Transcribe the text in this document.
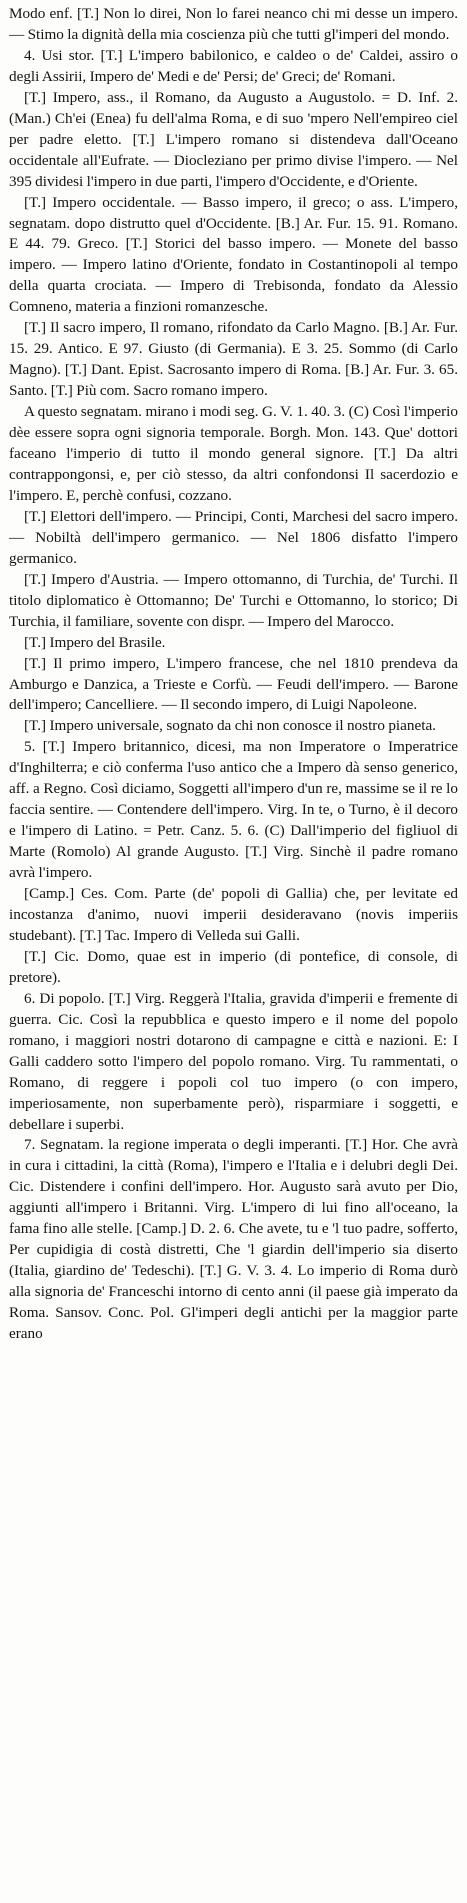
Modo enf. [T.] Non lo direi, Non lo farei neanco chi mi desse un impero. — Stimo la dignità della mia coscienza più che tutti gl'imperi del mondo.

4. Usi stor. [T.] L'impero babilonico, e caldeo o de' Caldei, assiro o degli Assirii, Impero de' Medi e de' Persi; de' Greci; de' Romani.

[T.] Impero, ass., il Romano, da Augusto a Augustolo. = D. Inf. 2. (Man.) Ch'ei (Enea) fu dell'alma Roma, e di suo 'mpero Nell'empireo ciel per padre eletto. [T.] L'impero romano si distendeva dall'Oceano occidentale all'Eufrate. — Diocleziano per primo divise l'impero. — Nel 395 dividesi l'impero in due parti, l'impero d'Occidente, e d'Oriente.

[T.] Impero occidentale. — Basso impero, il greco; o ass. L'impero, segnatam. dopo distrutto quel d'Occidente. [B.] Ar. Fur. 15. 91. Romano. E 44. 79. Greco. [T.] Storici del basso impero. — Monete del basso impero. — Impero latino d'Oriente, fondato in Costantinopoli al tempo della quarta crociata. — Impero di Trebisonda, fondato da Alessio Comneno, materia a finzioni romanzesche.

[T.] Il sacro impero, Il romano, rifondato da Carlo Magno. [B.] Ar. Fur. 15. 29. Antico. E 97. Giusto (di Germania). E 3. 25. Sommo (di Carlo Magno). [T.] Dant. Epist. Sacrosanto impero di Roma. [B.] Ar. Fur. 3. 65. Santo. [T.] Più com. Sacro romano impero.

A questo segnatam. mirano i modi seg. G. V. 1. 40. 3. (C) Così l'imperio dèe essere sopra ogni signoria temporale. Borgh. Mon. 143. Que' dottori faceano l'imperio di tutto il mondo general signore. [T.] Da altri contrappongonsi, e, per ciò stesso, da altri confondonsi Il sacerdozio e l'impero. E, perchè confusi, cozzano.

[T.] Elettori dell'impero. — Principi, Conti, Marchesi del sacro impero. — Nobiltà dell'impero germanico. — Nel 1806 disfatto l'impero germanico.

[T.] Impero d'Austria. — Impero ottomanno, di Turchia, de' Turchi. Il titolo diplomatico è Ottomanno; De' Turchi e Ottomanno, lo storico; Di Turchia, il familiare, sovente con dispr. — Impero del Marocco.

[T.] Impero del Brasile.

[T.] Il primo impero, L'impero francese, che nel 1810 prendeva da Amburgo e Danzica, a Trieste e Corfù. — Feudi dell'impero. — Barone dell'impero; Cancelliere. — Il secondo impero, di Luigi Napoleone.

[T.] Impero universale, sognato da chi non conosce il nostro pianeta.

5. [T.] Impero britannico, dicesi, ma non Imperatore o Imperatrice d'Inghilterra; e ciò conferma l'uso antico che a Impero dà senso generico, aff. a Regno. Così diciamo, Soggetti all'impero d'un re, massime se il re lo faccia sentire. — Contendere dell'impero. Virg. In te, o Turno, è il decoro e l'impero di Latino. = Petr. Canz. 5. 6. (C) Dall'imperio del figliuol di Marte (Romolo) Al grande Augusto. [T.] Virg. Sinchè il padre romano avrà l'impero.

[Camp.] Ces. Com. Parte (de' popoli di Gallia) che, per levitate ed incostanza d'animo, nuovi imperii desideravano (novis imperiis studebant). [T.] Tac. Impero di Velleda sui Galli.

[T.] Cic. Domo, quae est in imperio (di pontefice, di console, di pretore).

6. Di popolo. [T.] Virg. Reggerà l'Italia, gravida d'imperii e fremente di guerra. Cic. Così la repubblica e questo impero e il nome del popolo romano, i maggiori nostri dotarono di campagne e città e nazioni. E: I Galli caddero sotto l'impero del popolo romano. Virg. Tu rammentati, o Romano, di reggere i popoli col tuo impero (o con impero, imperiosamente, non superbamente però), risparmiare i soggetti, e debellare i superbi.

7. Segnatam. la regione imperata o degli imperanti. [T.] Hor. Che avrà in cura i cittadini, la città (Roma), l'impero e l'Italia e i delubri degli Dei. Cic. Distendere i confini dell'impero. Hor. Augusto sarà avuto per Dio, aggiunti all'impero i Britanni. Virg. L'impero di lui fino all'oceano, la fama fino alle stelle. [Camp.] D. 2. 6. Che avete, tu e 'l tuo padre, sofferto, Per cupidigia di costà distretti, Che 'l giardin dell'imperio sia diserto (Italia, giardino de' Tedeschi). [T.] G. V. 3. 4. Lo imperio di Roma durò alla signoria de' Franceschi intorno di cento anni (il paese già imperato da Roma. Sansov. Conc. Pol. Gl'imperi degli antichi per la maggior parte erano
